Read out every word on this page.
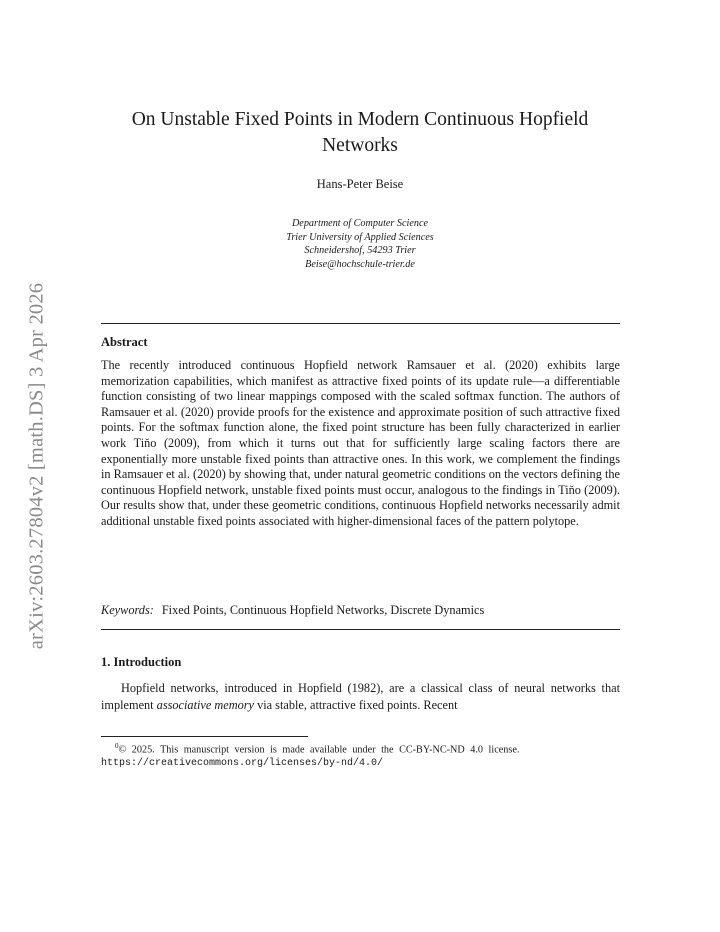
arXiv:2603.27804v2 [math.DS] 3 Apr 2026
On Unstable Fixed Points in Modern Continuous Hopfield Networks
Hans-Peter Beise
Department of Computer Science
Trier University of Applied Sciences
Schneidershof, 54293 Trier
Beise@hochschule-trier.de
Abstract
The recently introduced continuous Hopfield network Ramsauer et al. (2020) exhibits large memorization capabilities, which manifest as attractive fixed points of its update rule—a differentiable function consisting of two linear mappings composed with the scaled softmax function. The authors of Ramsauer et al. (2020) provide proofs for the existence and approximate position of such attractive fixed points. For the softmax function alone, the fixed point structure has been fully characterized in earlier work Tiňo (2009), from which it turns out that for sufficiently large scaling factors there are exponentially more unstable fixed points than attractive ones. In this work, we complement the findings in Ramsauer et al. (2020) by showing that, under natural geometric conditions on the vectors defining the continuous Hopfield network, unstable fixed points must occur, analogous to the findings in Tiňo (2009). Our results show that, under these geometric conditions, continuous Hopfield networks necessarily admit additional unstable fixed points associated with higher-dimensional faces of the pattern polytope.
Keywords: Fixed Points, Continuous Hopfield Networks, Discrete Dynamics
1. Introduction
Hopfield networks, introduced in Hopfield (1982), are a classical class of neural networks that implement associative memory via stable, attractive fixed points. Recent
$^0$© 2025. This manuscript version is made available under the CC-BY-NC-ND 4.0 license.
https://creativecommons.org/licenses/by-nd/4.0/
